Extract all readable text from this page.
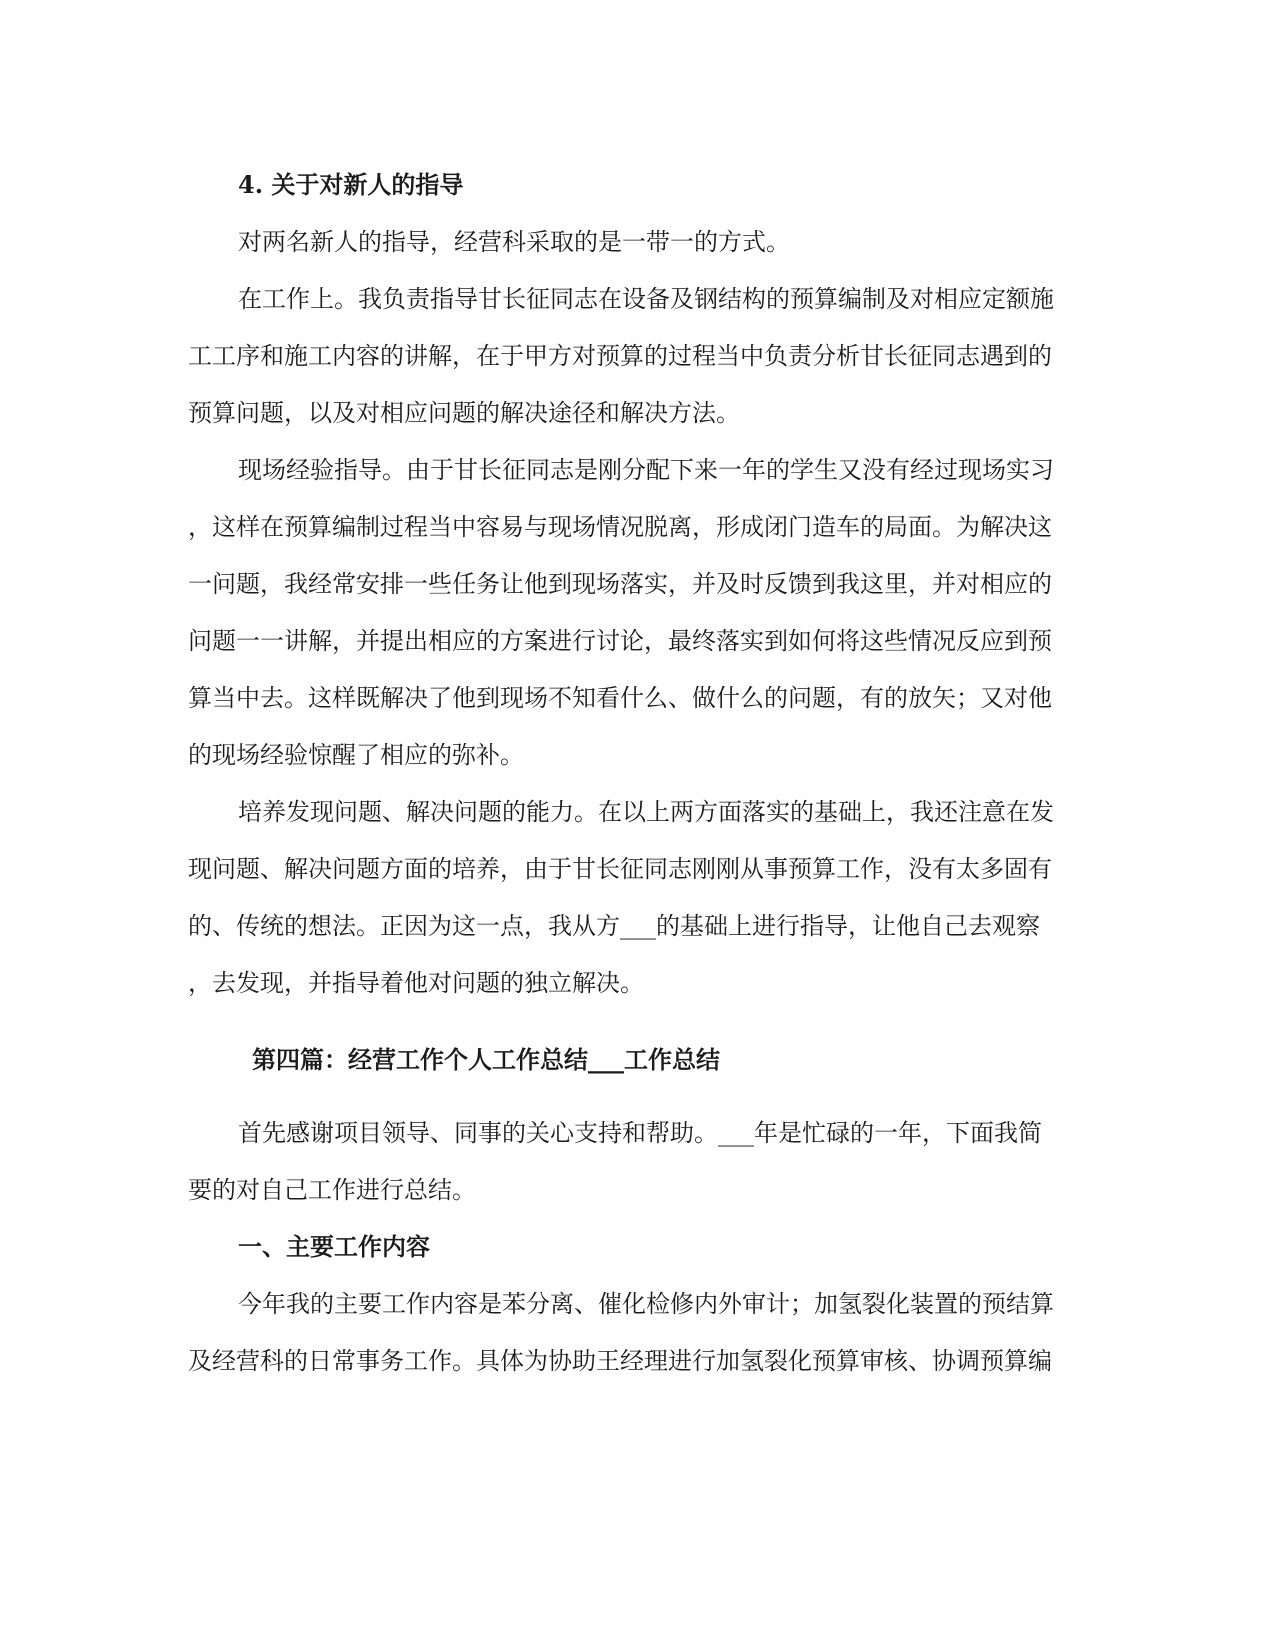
4. 关于对新人的指导
对两名新人的指导，经营科采取的是一带一的方式。
在工作上。我负责指导甘长征同志在设备及钢结构的预算编制及对相应定额施
工工序和施工内容的讲解，在于甲方对预算的过程当中负责分析甘长征同志遇到的
预算问题，以及对相应问题的解决途径和解决方法。
现场经验指导。由于甘长征同志是刚分配下来一年的学生又没有经过现场实习
，这样在预算编制过程当中容易与现场情况脱离，形成闭门造车的局面。为解决这
一问题，我经常安排一些任务让他到现场落实，并及时反馈到我这里，并对相应的
问题一一讲解，并提出相应的方案进行讨论，最终落实到如何将这些情况反应到预
算当中去。这样既解决了他到现场不知看什么、做什么的问题，有的放矢；又对他
的现场经验惊醒了相应的弥补。
培养发现问题、解决问题的能力。在以上两方面落实的基础上，我还注意在发
现问题、解决问题方面的培养，由于甘长征同志刚刚从事预算工作，没有太多固有
的、传统的想法。正因为这一点，我从方___的基础上进行指导，让他自己去观察
，去发现，并指导着他对问题的独立解决。
第四篇：经营工作个人工作总结___工作总结
首先感谢项目领导、同事的关心支持和帮助。___年是忙碌的一年，下面我简
要的对自己工作进行总结。
一、主要工作内容
今年我的主要工作内容是苯分离、催化检修内外审计；加氢裂化装置的预结算
及经营科的日常事务工作。具体为协助王经理进行加氢裂化预算审核、协调预算编
